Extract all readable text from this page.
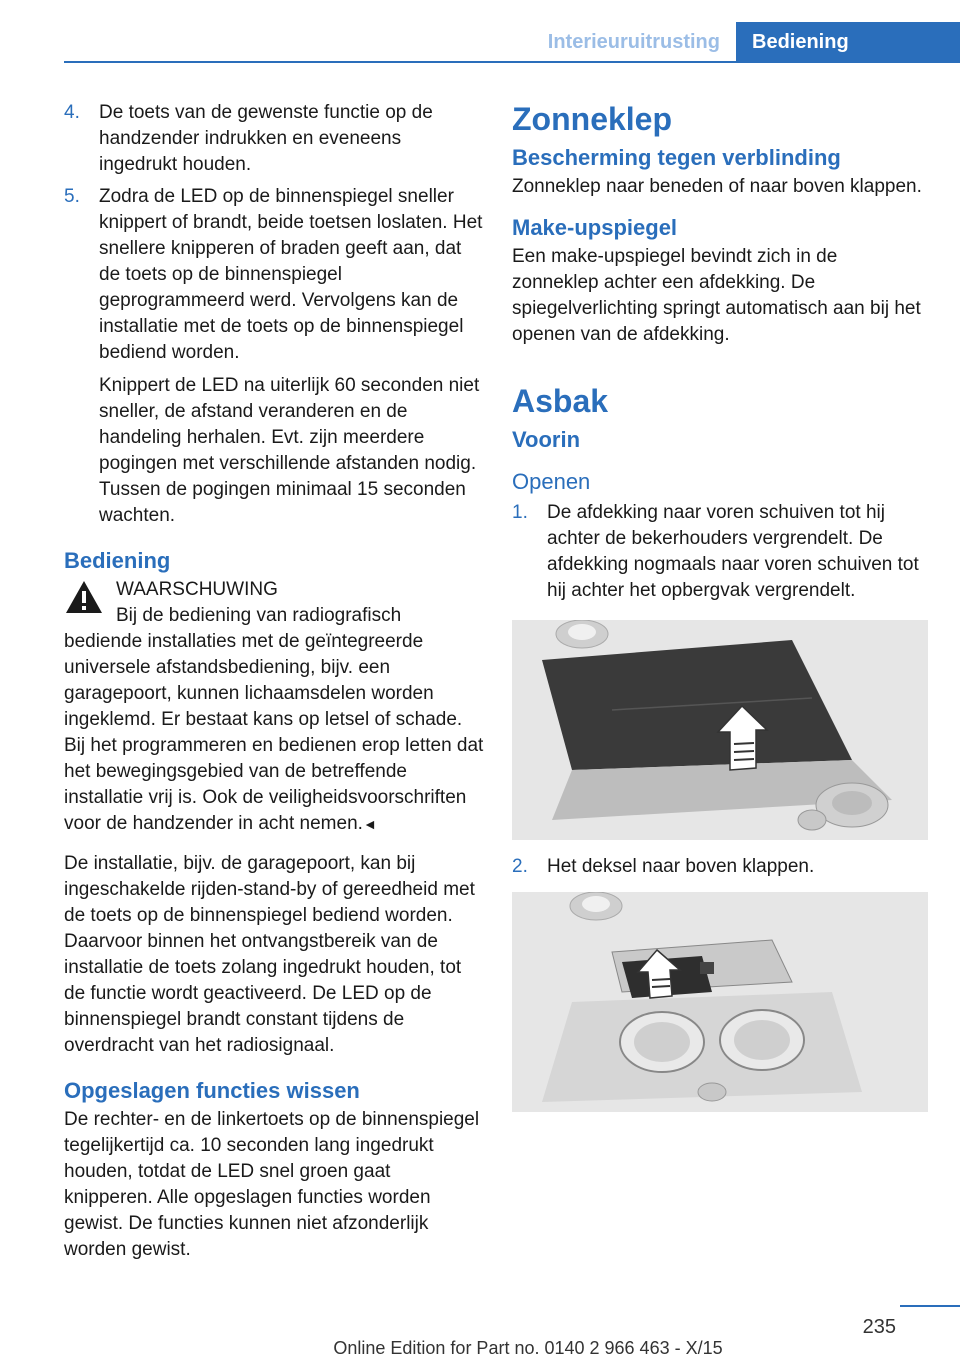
Interieuruitrusting	Bediening
4. De toets van de gewenste functie op de handzender indrukken en eveneens ingedrukt houden.

5. Zodra de LED op de binnenspiegel sneller knippert of brandt, beide toetsen loslaten. Het snellere knipperen of braden geeft aan, dat de toets op de binnenspiegel geprogrammeerd werd. Vervolgens kan de installatie met de toets op de binnenspiegel bediend worden.

Knippert de LED na uiterlijk 60 seconden niet sneller, de afstand veranderen en de handeling herhalen. Evt. zijn meerdere pogingen met verschillende afstanden nodig. Tussen de pogingen minimaal 15 seconden wachten.

Bediening

WAARSCHUWING

Bij de bediening van radiografisch bediende installaties met de geïntegreerde universele afstandsbediening, bijv. een garagepoort, kunnen lichaamsdelen worden ingeklemd. Er bestaat kans op letsel of schade. Bij het programmeren en bedienen erop letten dat het bewegingsgebied van de betreffende installatie vrij is. Ook de veiligheidsvoorschriften voor de handzender in acht nemen.◄

De installatie, bijv. de garagepoort, kan bij ingeschakelde rijden-stand-by of gereedheid met de toets op de binnenspiegel bediend worden. Daarvoor binnen het ontvangstbereik van de installatie de toets zolang ingedrukt houden, tot de functie wordt geactiveerd. De LED op de binnenspiegel brandt constant tijdens de overdracht van het radiosignaal.

Opgeslagen functies wissen

De rechter- en de linkertoets op de binnenspiegel tegelijkertijd ca. 10 seconden lang ingedrukt houden, totdat de LED snel groen gaat knipperen. Alle opgeslagen functies worden gewist. De functies kunnen niet afzonderlijk worden gewist.

Zonneklep
Bescherming tegen verblinding

Zonneklep naar beneden of naar boven klappen.

Make-upspiegel

Een make-upspiegel bevindt zich in de zonneklep achter een afdekking. De spiegelverlichting springt automatisch aan bij het openen van de afdekking.

Asbak
Voorin
Openen
1. De afdekking naar voren schuiven tot hij achter de bekerhouders vergrendelt. De afdekking nogmaals naar voren schuiven tot hij achter het opbergvak vergrendelt.

2. Het deksel naar boven klappen.

235
Online Edition for Part no. 0140 2 966 463 - X/15
